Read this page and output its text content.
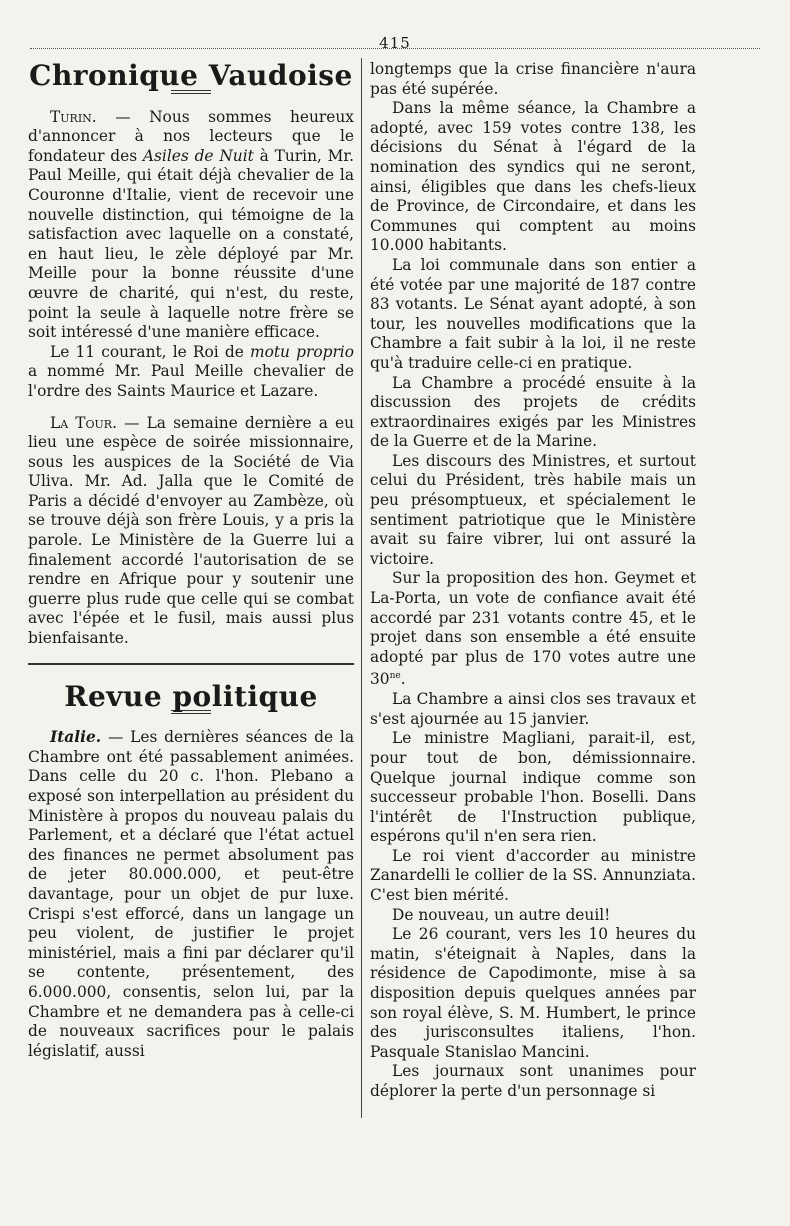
415
Chronique Vaudoise

Turin. — Nous sommes heureux d'annoncer à nos lecteurs que le fondateur des Asiles de Nuit à Turin, Mr. Paul Meille, qui était déjà chevalier de la Couronne d'Italie, vient de recevoir une nouvelle distinction, qui témoigne de la satisfaction avec laquelle on a constaté, en haut lieu, le zèle déployé par Mr. Meille pour la bonne réussite d'une œuvre de charité, qui n'est, du reste, point la seule à laquelle notre frère se soit intéressé d'une manière efficace.

Le 11 courant, le Roi de motu proprio a nommé Mr. Paul Meille chevalier de l'ordre des Saints Maurice et Lazare.

La Tour. — La semaine dernière a eu lieu une espèce de soirée missionnaire, sous les auspices de la Société de Via Uliva. Mr. Ad. Jalla que le Comité de Paris a décidé d'envoyer au Zambèze, où se trouve déjà son frère Louis, y a pris la parole. Le Ministère de la Guerre lui a finalement accordé l'autorisation de se rendre en Afrique pour y soutenir une guerre plus rude que celle qui se combat avec l'épée et le fusil, mais aussi plus bienfaisante.

Revue politique

Italie. — Les dernières séances de la Chambre ont été passablement animées. Dans celle du 20 c. l'hon. Plebano a exposé son interpellation au président du Ministère à propos du nouveau palais du Parlement, et a déclaré que l'état actuel des finances ne permet absolument pas de jeter 80.000.000, et peut-être davantage, pour un objet de pur luxe. Crispi s'est efforcé, dans un langage un peu violent, de justifier le projet ministériel, mais a fini par déclarer qu'il se contente, présentement, des 6.000.000, consentis, selon lui, par la Chambre et ne demandera pas à celle-ci de nouveaux sacrifices pour le palais législatif, aussi

longtemps que la crise financière n'aura pas été supérée.

Dans la même séance, la Chambre a adopté, avec 159 votes contre 138, les décisions du Sénat à l'égard de la nomination des syndics qui ne seront, ainsi, éligibles que dans les chefs-lieux de Province, de Circondaire, et dans les Communes qui comptent au moins 10.000 habitants.

La loi communale dans son entier a été votée par une majorité de 187 contre 83 votants. Le Sénat ayant adopté, à son tour, les nouvelles modifications que la Chambre a fait subir à la loi, il ne reste qu'à traduire celle-ci en pratique.

La Chambre a procédé ensuite à la discussion des projets de crédits extraordinaires exigés par les Ministres de la Guerre et de la Marine.

Les discours des Ministres, et surtout celui du Président, très habile mais un peu présomptueux, et spécialement le sentiment patriotique que le Ministère avait su faire vibrer, lui ont assuré la victoire.

Sur la proposition des hon. Geymet et La-Porta, un vote de confiance avait été accordé par 231 votants contre 45, et le projet dans son ensemble a été ensuite adopté par plus de 170 votes autre une $30^{ne}$.

La Chambre a ainsi clos ses travaux et s'est ajournée au 15 janvier.

Le ministre Magliani, parait-il, est, pour tout de bon, démissionnaire. Quelque journal indique comme son successeur probable l'hon. Boselli. Dans l'intérêt de l'Instruction publique, espérons qu'il n'en sera rien.

Le roi vient d'accorder au ministre Zanardelli le collier de la SS. Annunziata. C'est bien mérité.

De nouveau, un autre deuil!

Le 26 courant, vers les 10 heures du matin, s'éteignait à Naples, dans la résidence de Capodimonte, mise à sa disposition depuis quelques années par son royal élève, S. M. Humbert, le prince des jurisconsultes italiens, l'hon. Pasquale Stanislao Mancini.

Les journaux sont unanimes pour déplorer la perte d'un personnage si
